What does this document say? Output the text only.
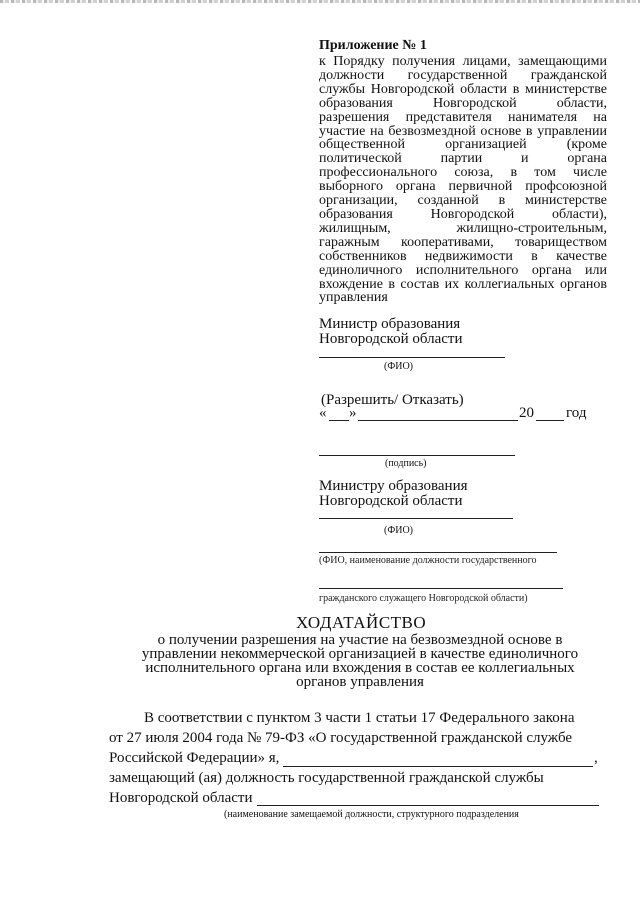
Приложение № 1
к Порядку получения лицами, замещающими должности государственной гражданской службы Новгородской области в министерстве образования Новгородской области, разрешения представителя нанимателя на участие на безвозмездной основе в управлении общественной организацией (кроме политической партии и органа профессионального союза, в том числе выборного органа первичной профсоюзной организации, созданной в министерстве образования Новгородской области), жилищным, жилищно-строительным, гаражным кооперативами, товариществом собственников недвижимости в качестве единоличного исполнительного органа или вхождение в состав их коллегиальных органов управления
Министр образования
Новгородской области
(ФИО)
(Разрешить/ Отказать)
« »	20 год
(подпись)
Министру образования
Новгородской области
(ФИО)
(ФИО, наименование должности государственного
гражданского служащего Новгородской области)
ХОДАТАЙСТВО
о получении разрешения на участие на безвозмездной основе в управлении некоммерческой организацией в качестве единоличного исполнительного органа или вхождения в состав ее коллегиальных органов управления
В соответствии с пунктом 3 части 1 статьи 17 Федерального закона
от 27 июля 2004 года № 79-ФЗ «О государственной гражданской службе
Российской Федерации» я,	,
замещающий (ая) должность государственной гражданской службы
Новгородской области
(наименование замещаемой должности, структурного подразделения
